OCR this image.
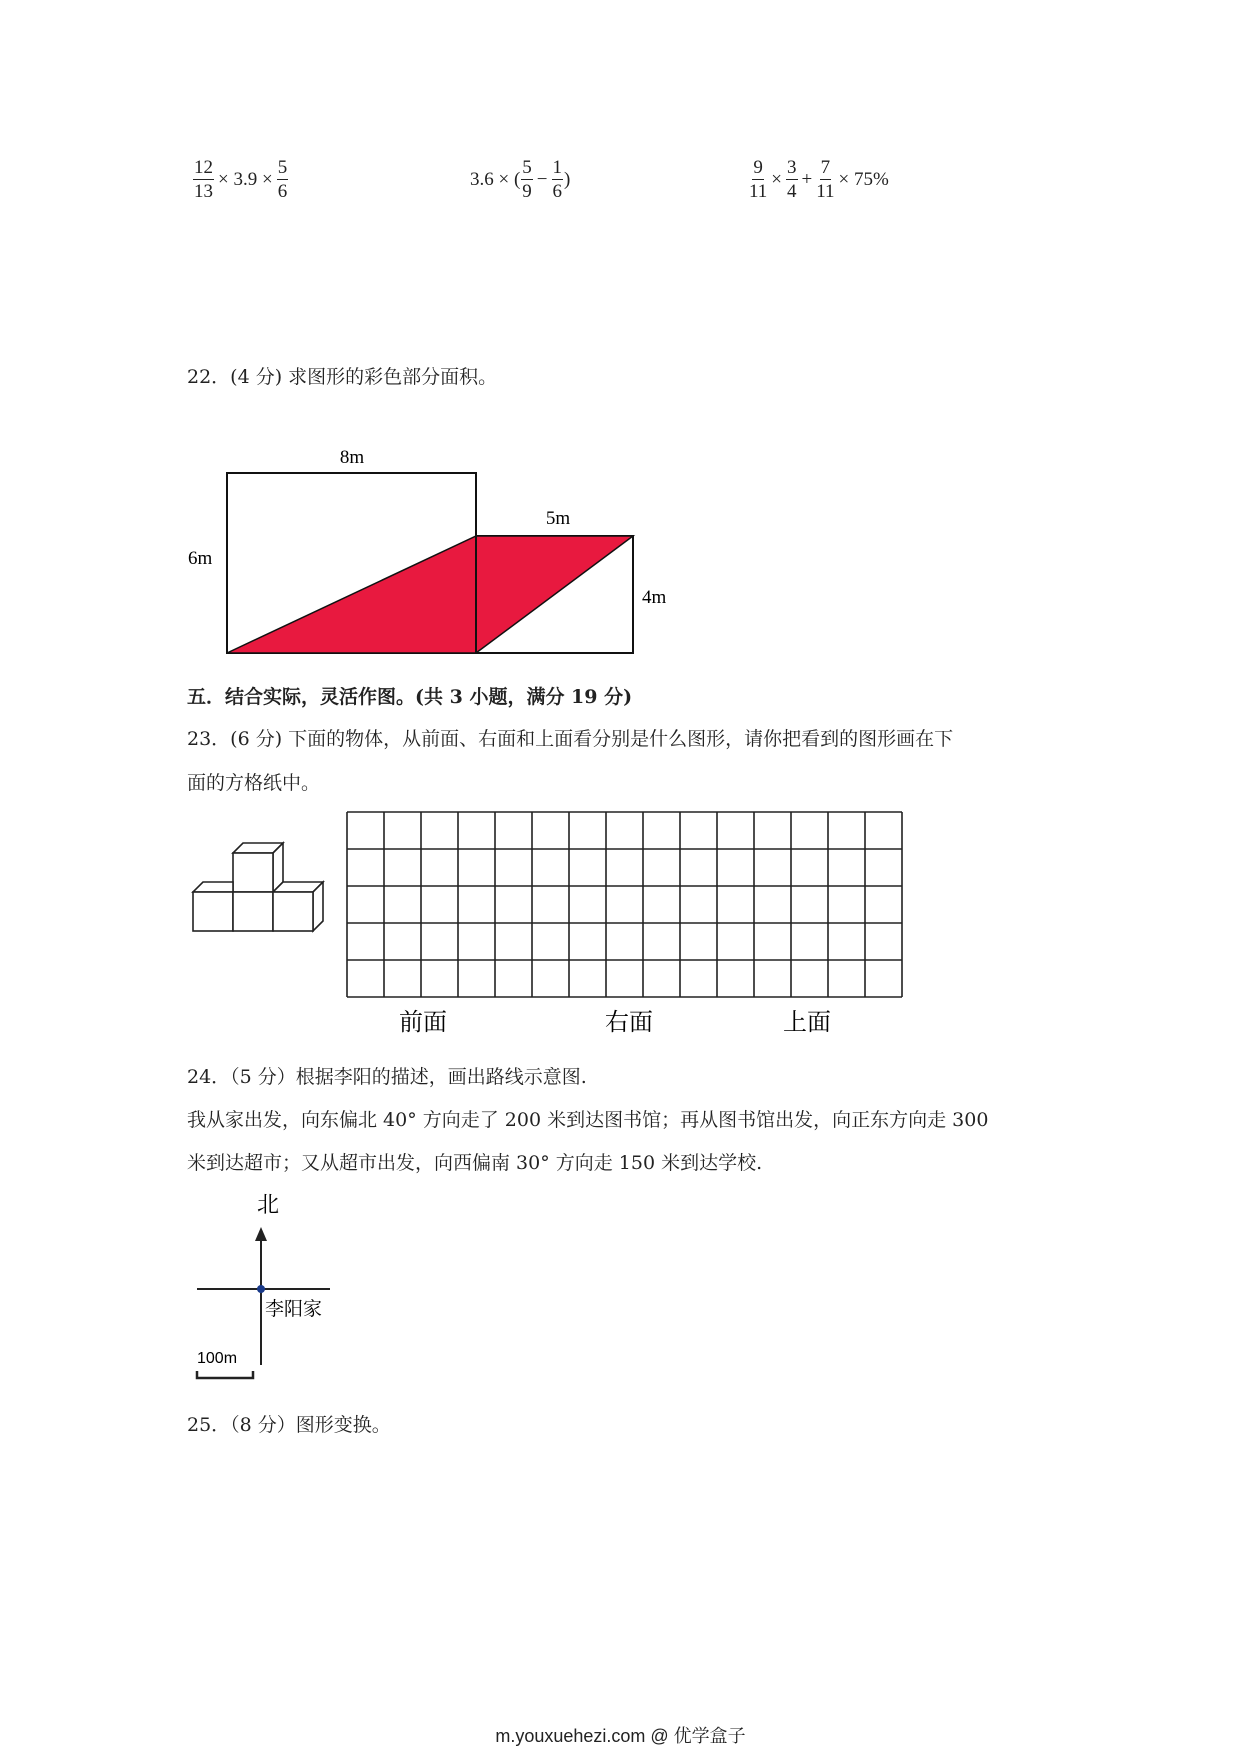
$\frac{12}{13} \times 3.9 \times \frac{5}{6}$	3.6 × ( $\frac{5}{9} - \frac{1}{6}$ )	$\frac{9}{11} \times \frac{3}{4} + \frac{7}{11} \times 75\%$
22．(4 分) 求图形的彩色部分面积。
8m
6m
5m
4m
五．结合实际，灵活作图。(共 3 小题，满分 19 分)
23．(6 分) 下面的物体，从前面、右面和上面看分别是什么图形，请你把看到的图形画在下
面的方格纸中。
前面	右面	上面
24．（5 分）根据李阳的描述，画出路线示意图.
我从家出发，向东偏北 40° 方向走了 200 米到达图书馆；再从图书馆出发，向正东方向走 300
米到达超市；又从超市出发，向西偏南 30° 方向走 150 米到达学校.
北
李阳家
100m
25．（8 分）图形变换。
m.youxuehezi.com @ 优学盒子
